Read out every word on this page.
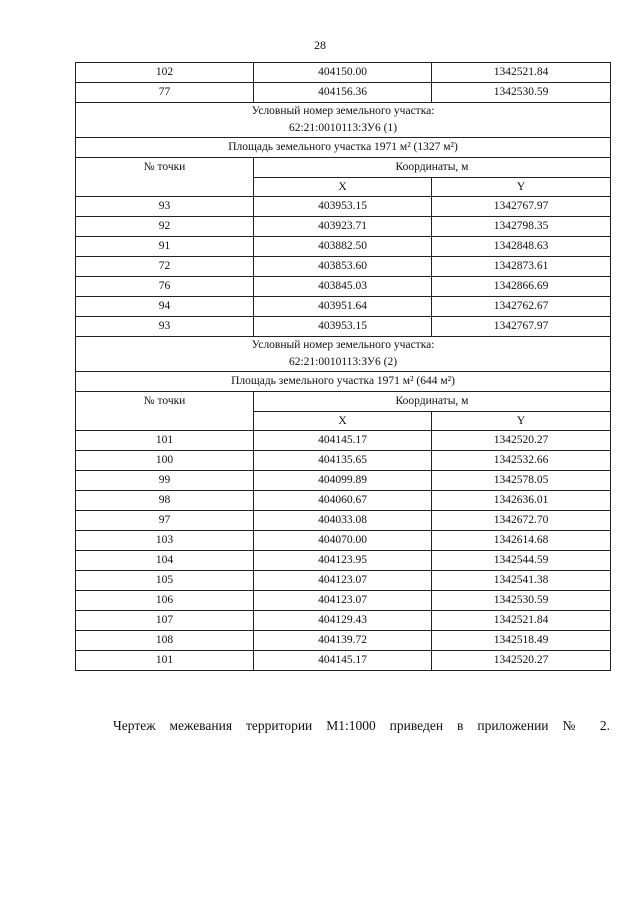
28
102	404150.00	1342521.84
77	404156.36	1342530.59
Условный номер земельного участка:		
62:21:0010113:ЗУ6 (1)		
Площадь земельного участка 1971 м² (1327 м²)		
№ точки	Координаты, м	
	X	Y
93	403953.15	1342767.97
92	403923.71	1342798.35
91	403882.50	1342848.63
72	403853.60	1342873.61
76	403845.03	1342866.69
94	403951.64	1342762.67
93	403953.15	1342767.97
Условный номер земельного участка:		
62:21:0010113:ЗУ6 (2)		
Площадь земельного участка 1971 м² (644 м²)		
№ точки	Координаты, м	
	X	Y
101	404145.17	1342520.27
100	404135.65	1342532.66
99	404099.89	1342578.05
98	404060.67	1342636.01
97	404033.08	1342672.70
103	404070.00	1342614.68
104	404123.95	1342544.59
105	404123.07	1342541.38
106	404123.07	1342530.59
107	404129.43	1342521.84
108	404139.72	1342518.49
101	404145.17	1342520.27
Чертеж межевания территории М1:1000 приведен в приложении № 2.
